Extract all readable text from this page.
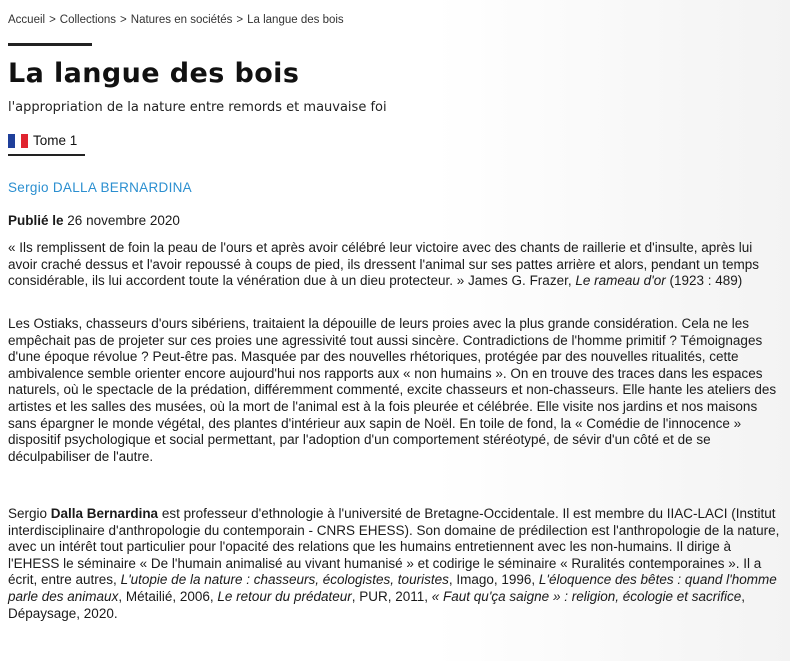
Accueil > Collections > Natures en sociétés > La langue des bois
La langue des bois
l'appropriation de la nature entre remords et mauvaise foi
Tome 1
Sergio DALLA BERNARDINA
Publié le 26 novembre 2020

« Ils remplissent de foin la peau de l'ours et après avoir célébré leur victoire avec des chants de raillerie et d'insulte, après lui avoir craché dessus et l'avoir repoussé à coups de pied, ils dressent l'animal sur ses pattes arrière et alors, pendant un temps considérable, ils lui accordent toute la vénération due à un dieu protecteur. » James G. Frazer, Le rameau d'or (1923 : 489)

Les Ostiaks, chasseurs d'ours sibériens, traitaient la dépouille de leurs proies avec la plus grande considération. Cela ne les empêchait pas de projeter sur ces proies une agressivité tout aussi sincère. Contradictions de l'homme primitif ? Témoignages d'une époque révolue ? Peut-être pas. Masquée par des nouvelles rhétoriques, protégée par des nouvelles ritualités, cette ambivalence semble orienter encore aujourd'hui nos rapports aux « non humains ». On en trouve des traces dans les espaces naturels, où le spectacle de la prédation, différemment commenté, excite chasseurs et non-chasseurs. Elle hante les ateliers des artistes et les salles des musées, où la mort de l'animal est à la fois pleurée et célébrée. Elle visite nos jardins et nos maisons sans épargner le monde végétal, des plantes d'intérieur aux sapin de Noël. En toile de fond, la « Comédie de l'innocence » dispositif psychologique et social permettant, par l'adoption d'un comportement stéréotypé, de sévir d'un côté et de se déculpabiliser de l'autre.

Sergio Dalla Bernardina est professeur d'ethnologie à l'université de Bretagne-Occidentale. Il est membre du IIAC-LACI (Institut interdisciplinaire d'anthropologie du contemporain - CNRS EHESS). Son domaine de prédilection est l'anthropologie de la nature, avec un intérêt tout particulier pour l'opacité des relations que les humains entretiennent avec les non-humains. Il dirige à l'EHESS le séminaire « De l'humain animalisé au vivant humanisé » et codirige le séminaire « Ruralités contemporaines ». Il a écrit, entre autres, L'utopie de la nature : chasseurs, écologistes, touristes, Imago, 1996, L'éloquence des bêtes : quand l'homme parle des animaux, Métailié, 2006, Le retour du prédateur, PUR, 2011, « Faut qu'ça saigne » : religion, écologie et sacrifice, Dépaysage, 2020.
